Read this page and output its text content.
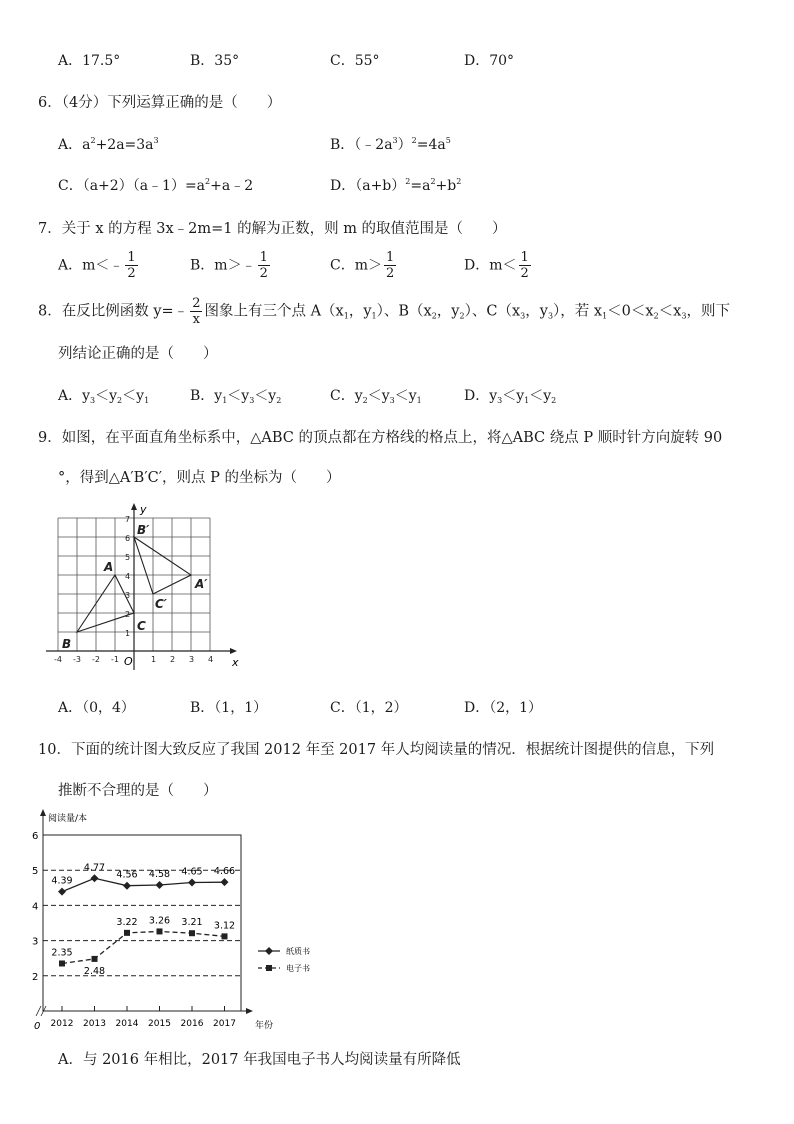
A．17.5°	B．35°	C．55°	D．70°
6．（4分）下列运算正确的是（　　）
A．$a^2+2a=3a^3$	B．$(﹣2a^3)^2=4a^5$
C．$(a+2)(a﹣1)=a^2+a﹣2$	D．$(a+b)^2=a^2+b^2$
7．关于 x 的方程 3x﹣2m=1 的解为正数，则 m 的取值范围是（　　）
A．m＜﹣ $\frac{1}{2}$	B．m＞﹣ $\frac{1}{2}$	C．$m> \frac{1}{2}$	D．$m< \frac{1}{2}$
8．在反比例函数 y=﹣ $\frac{2}{x}$ 图象上有三个点 $A(x_1$，$y_1$）、$B(x_2$，$y_2$）、$C(x_3$，$y_3$），若 $x_1<0<x_2<x_3$，则下
列结论正确的是（　　）
A．$y_3<y_2<y_1$	B．$y_1<y_3<y_2$	C．$y_2<y_3<y_1$	D．$y_3<y_1<y_2$
9．如图，在平面直角坐标系中，△ABC 的顶点都在方格线的格点上，将△ABC 绕点 P 顺时针方向旋转 90
°，得到△A′B′C′，则点 P 的坐标为（　　）
x
y
O
-4 -3 -2 -1	1 2 3 4
1
2
3
4
5
6
7
A
B
C
A′
B′
C′
A．（0，4）	B．（1，1）	C．（1，2）	D．（2，1）
10．下面的统计图大致反应了我国 2012 年至 2017 年人均阅读量的情况．根据统计图提供的信息，下列
推断不合理的是（　　）
阅读量/本
年份
0
2
3
4
5
6
2012 2013 2014 2015 2016 2017
4.39
4.77
4.56 4.58 4.65 4.66
2.35
2.48
3.22 3.26 3.21 3.12
纸质书
电子书
A．与 2016 年相比，2017 年我国电子书人均阅读量有所降低
